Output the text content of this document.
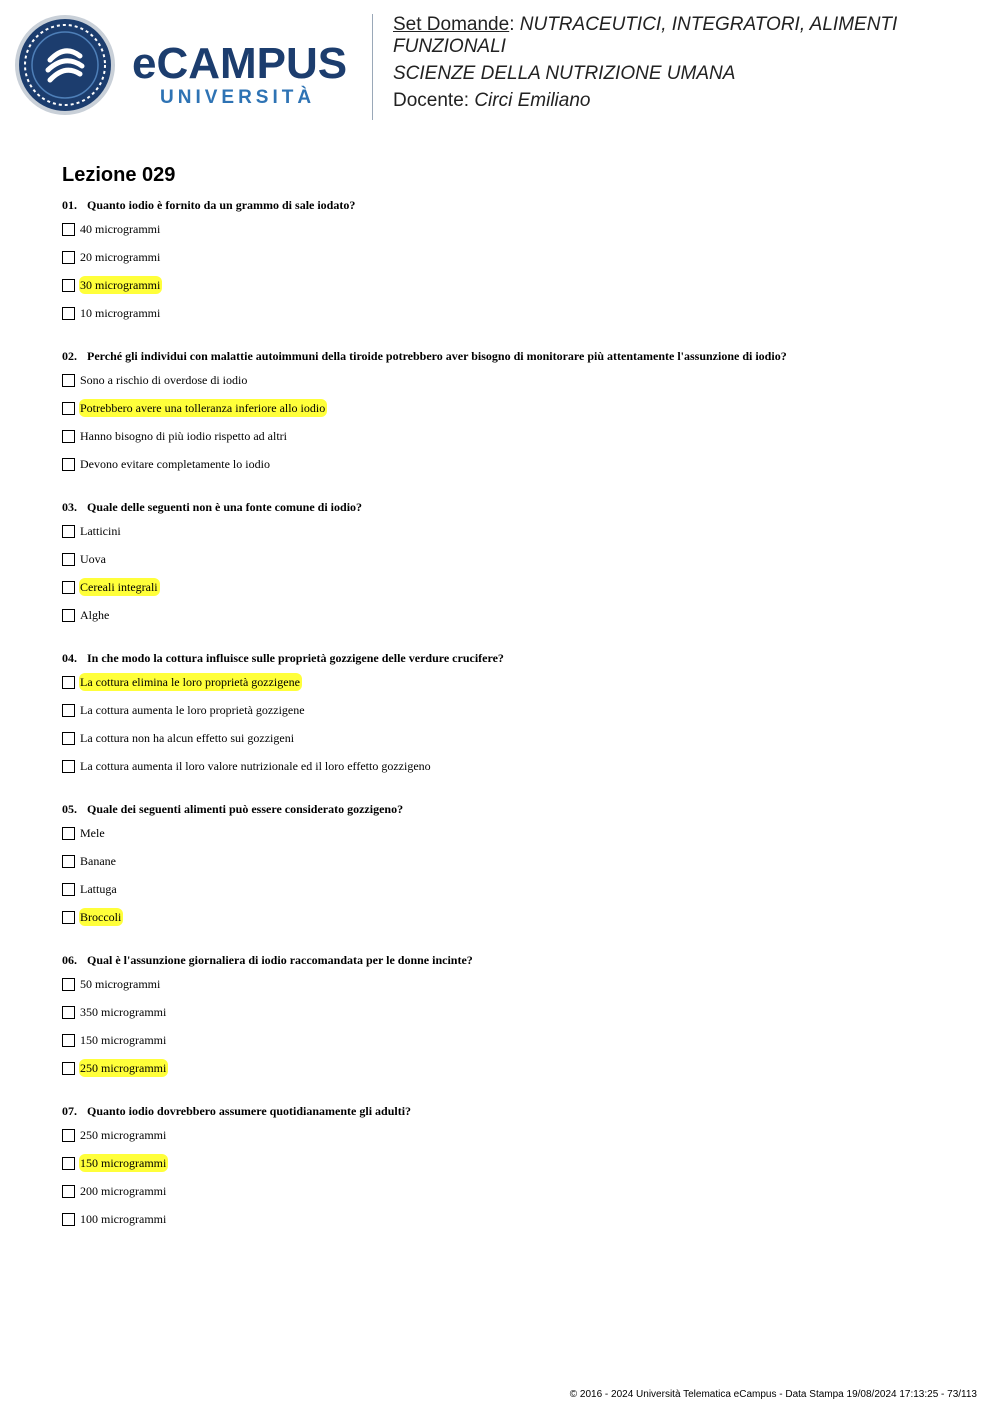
eCAMPUS
UNIVERSITÀ

Set Domande: NUTRACEUTICI, INTEGRATORI, ALIMENTI FUNZIONALI

SCIENZE DELLA NUTRIZIONE UMANA

Docente: Circi Emiliano

Lezione 029
01. Quanto iodio è fornito da un grammo di sale iodato?
40 microgrammi
20 microgrammi
30 microgrammi
10 microgrammi
02. Perché gli individui con malattie autoimmuni della tiroide potrebbero aver bisogno di monitorare più attentamente l'assunzione di iodio?
Sono a rischio di overdose di iodio
Potrebbero avere una tolleranza inferiore allo iodio
Hanno bisogno di più iodio rispetto ad altri
Devono evitare completamente lo iodio
03. Quale delle seguenti non è una fonte comune di iodio?
Latticini
Uova
Cereali integrali
Alghe
04. In che modo la cottura influisce sulle proprietà gozzigene delle verdure crucifere?
La cottura elimina le loro proprietà gozzigene
La cottura aumenta le loro proprietà gozzigene
La cottura non ha alcun effetto sui gozzigeni
La cottura aumenta il loro valore nutrizionale ed il loro effetto gozzigeno
05. Quale dei seguenti alimenti può essere considerato gozzigeno?
Mele
Banane
Lattuga
Broccoli
06. Qual è l'assunzione giornaliera di iodio raccomandata per le donne incinte?
50 microgrammi
350 microgrammi
150 microgrammi
250 microgrammi
07. Quanto iodio dovrebbero assumere quotidianamente gli adulti?
250 microgrammi
150 microgrammi
200 microgrammi
100 microgrammi
© 2016 - 2024 Università Telematica eCampus - Data Stampa 19/08/2024 17:13:25 - 73/113
